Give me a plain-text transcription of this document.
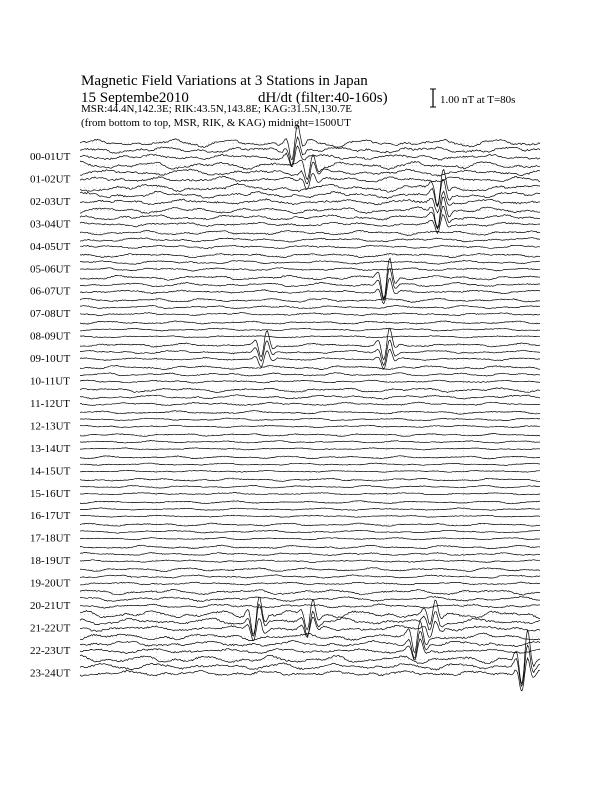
Magnetic Field Variations at 3 Stations in Japan
15 Septembe2010	dH/dt (filter:40-160s)
MSR:44.4N,142.3E; RIK:43.5N,143.8E; KAG:31.5N,130.7E
(from bottom to top, MSR, RIK, & KAG) midnight=1500UT
1.00 nT at T=80s
00-01UT
01-02UT
02-03UT
03-04UT
04-05UT
05-06UT
06-07UT
07-08UT
08-09UT
09-10UT
10-11UT
11-12UT
12-13UT
13-14UT
14-15UT
15-16UT
16-17UT
17-18UT
18-19UT
19-20UT
20-21UT
21-22UT
22-23UT
23-24UT
